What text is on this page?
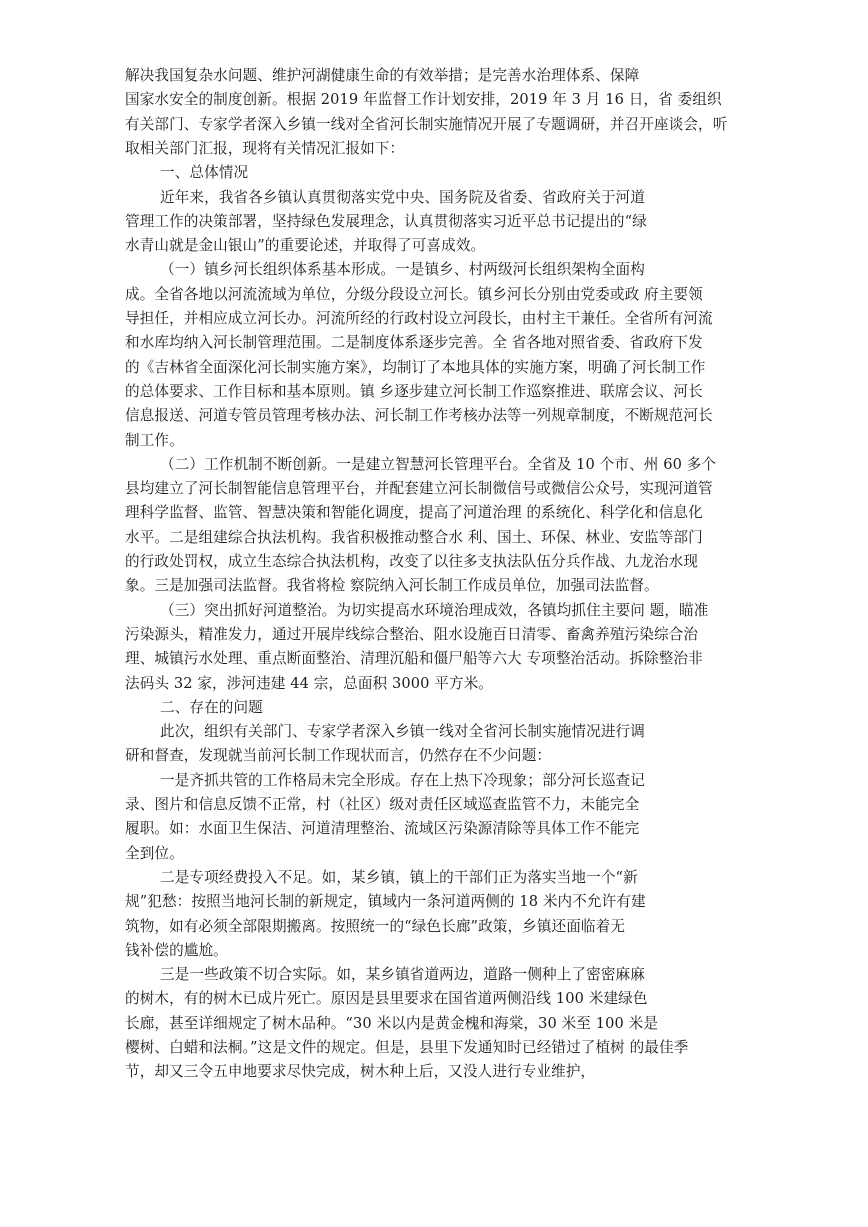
解决我国复杂水问题、维护河湖健康生命的有效举措；是完善水治理体系、保障
国家水安全的制度创新。根据 2019 年监督工作计划安排，2019 年 3 月 16 日，省 委组织
有关部门、专家学者深入乡镇一线对全省河长制实施情况开展了专题调研，并召开座谈会，听
取相关部门汇报，现将有关情况汇报如下：
一、总体情况
近年来，我省各乡镇认真贯彻落实党中央、国务院及省委、省政府关于河道
管理工作的决策部署，坚持绿色发展理念，认真贯彻落实习近平总书记提出的“绿
水青山就是金山银山”的重要论述，并取得了可喜成效。
（一）镇乡河长组织体系基本形成。一是镇乡、村两级河长组织架构全面构
成。全省各地以河流流域为单位，分级分段设立河长。镇乡河长分别由党委或政 府主要领
导担任，并相应成立河长办。河流所经的行政村设立河段长，由村主干兼任。全省所有河流
和水库均纳入河长制管理范围。二是制度体系逐步完善。全 省各地对照省委、省政府下发
的《吉林省全面深化河长制实施方案》，均制订了本地具体的实施方案，明确了河长制工作
的总体要求、工作目标和基本原则。镇 乡逐步建立河长制工作巡察推进、联席会议、河长
信息报送、河道专管员管理考核办法、河长制工作考核办法等一列规章制度，不断规范河长
制工作。
（二）工作机制不断创新。一是建立智慧河长管理平台。全省及 10 个市、州 60 多个
县均建立了河长制智能信息管理平台，并配套建立河长制微信号或微信公众号，实现河道管
理科学监督、监管、智慧决策和智能化调度，提高了河道治理 的系统化、科学化和信息化
水平。二是组建综合执法机构。我省积极推动整合水 利、国土、环保、林业、安监等部门
的行政处罚权，成立生态综合执法机构，改变了以往多支执法队伍分兵作战、九龙治水现
象。三是加强司法监督。我省将检 察院纳入河长制工作成员单位，加强司法监督。
（三）突出抓好河道整治。为切实提高水环境治理成效，各镇均抓住主要问 题，瞄准
污染源头，精准发力，通过开展岸线综合整治、阻水设施百日清零、畜禽养殖污染综合治
理、城镇污水处理、重点断面整治、清理沉船和僵尸船等六大 专项整治活动。拆除整治非
法码头 32 家，涉河违建 44 宗，总面积 3000 平方米。
二、存在的问题
此次，组织有关部门、专家学者深入乡镇一线对全省河长制实施情况进行调
研和督查，发现就当前河长制工作现状而言，仍然存在不少问题：
一是齐抓共管的工作格局未完全形成。存在上热下冷现象；部分河长巡查记
录、图片和信息反馈不正常，村（社区）级对责任区域巡查监管不力，未能完全
履职。如：水面卫生保洁、河道清理整治、流域区污染源清除等具体工作不能完
全到位。
二是专项经费投入不足。如，某乡镇，镇上的干部们正为落实当地一个“新
规”犯愁：按照当地河长制的新规定，镇域内一条河道两侧的 18 米内不允许有建
筑物，如有必须全部限期搬离。按照统一的“绿色长廊”政策，乡镇还面临着无
钱补偿的尴尬。
三是一些政策不切合实际。如，某乡镇省道两边，道路一侧种上了密密麻麻
的树木，有的树木已成片死亡。原因是县里要求在国省道两侧沿线 100 米建绿色
长廊，甚至详细规定了树木品种。“30 米以内是黄金槐和海棠，30 米至 100 米是
樱树、白蜡和法桐。”这是文件的规定。但是，县里下发通知时已经错过了植树 的最佳季
节，却又三令五申地要求尽快完成，树木种上后，又没人进行专业维护，
